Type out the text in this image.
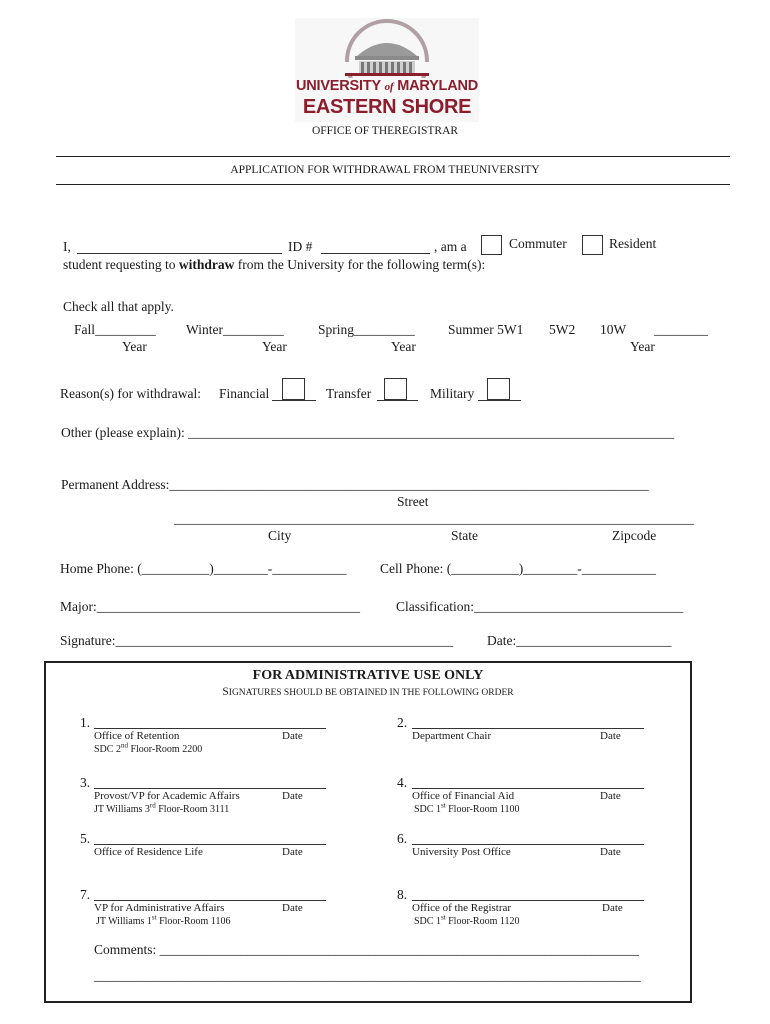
UNIVERSITY of MARYLAND
EASTERN SHORE
OFFICE OF THEREGISTRAR
APPLICATION FOR WITHDRAWAL FROM THEUNIVERSITY
I,	ID #	, am a	Commuter	Resident
student requesting to withdraw from the University for the following term(s):
Check all that apply.
Fall_________ Winter_________	Spring_________ Summer 5W1 5W2 10W ________
Year	Year	Year	Year
Reason(s) for withdrawal: Financial	Transfer	Military
Other (please explain): ________________________________________________________________________
Permanent Address:_______________________________________________________________________
Street
_____________________________________________________________________________
City	State	Zipcode
Home Phone: (__________)________-___________ Cell Phone: (__________)________-___________
Major:_______________________________________	Classification:_______________________________
Signature:__________________________________________________	Date:_______________________
FOR ADMINISTRATIVE USE ONLY
SIGNATURES SHOULD BE OBTAINED IN THE FOLLOWING ORDER
1.
Office of Retention	Date
SDC 2nd Floor-Room 2200
2.
Department Chair	Date
3.
Provost/VP for Academic Affairs	Date
JT Williams 3rd Floor-Room 3111
4.
Office of Financial Aid	Date
SDC 1st Floor-Room 1100
5.
Office of Residence Life	Date
6.
University Post Office	Date
7.
VP for Administrative Affairs	Date
JT Williams 1st Floor-Room 1106
8.
Office of the Registrar	Date
SDC 1st Floor-Room 1120
Comments: _______________________________________________________________________
_________________________________________________________________________________
